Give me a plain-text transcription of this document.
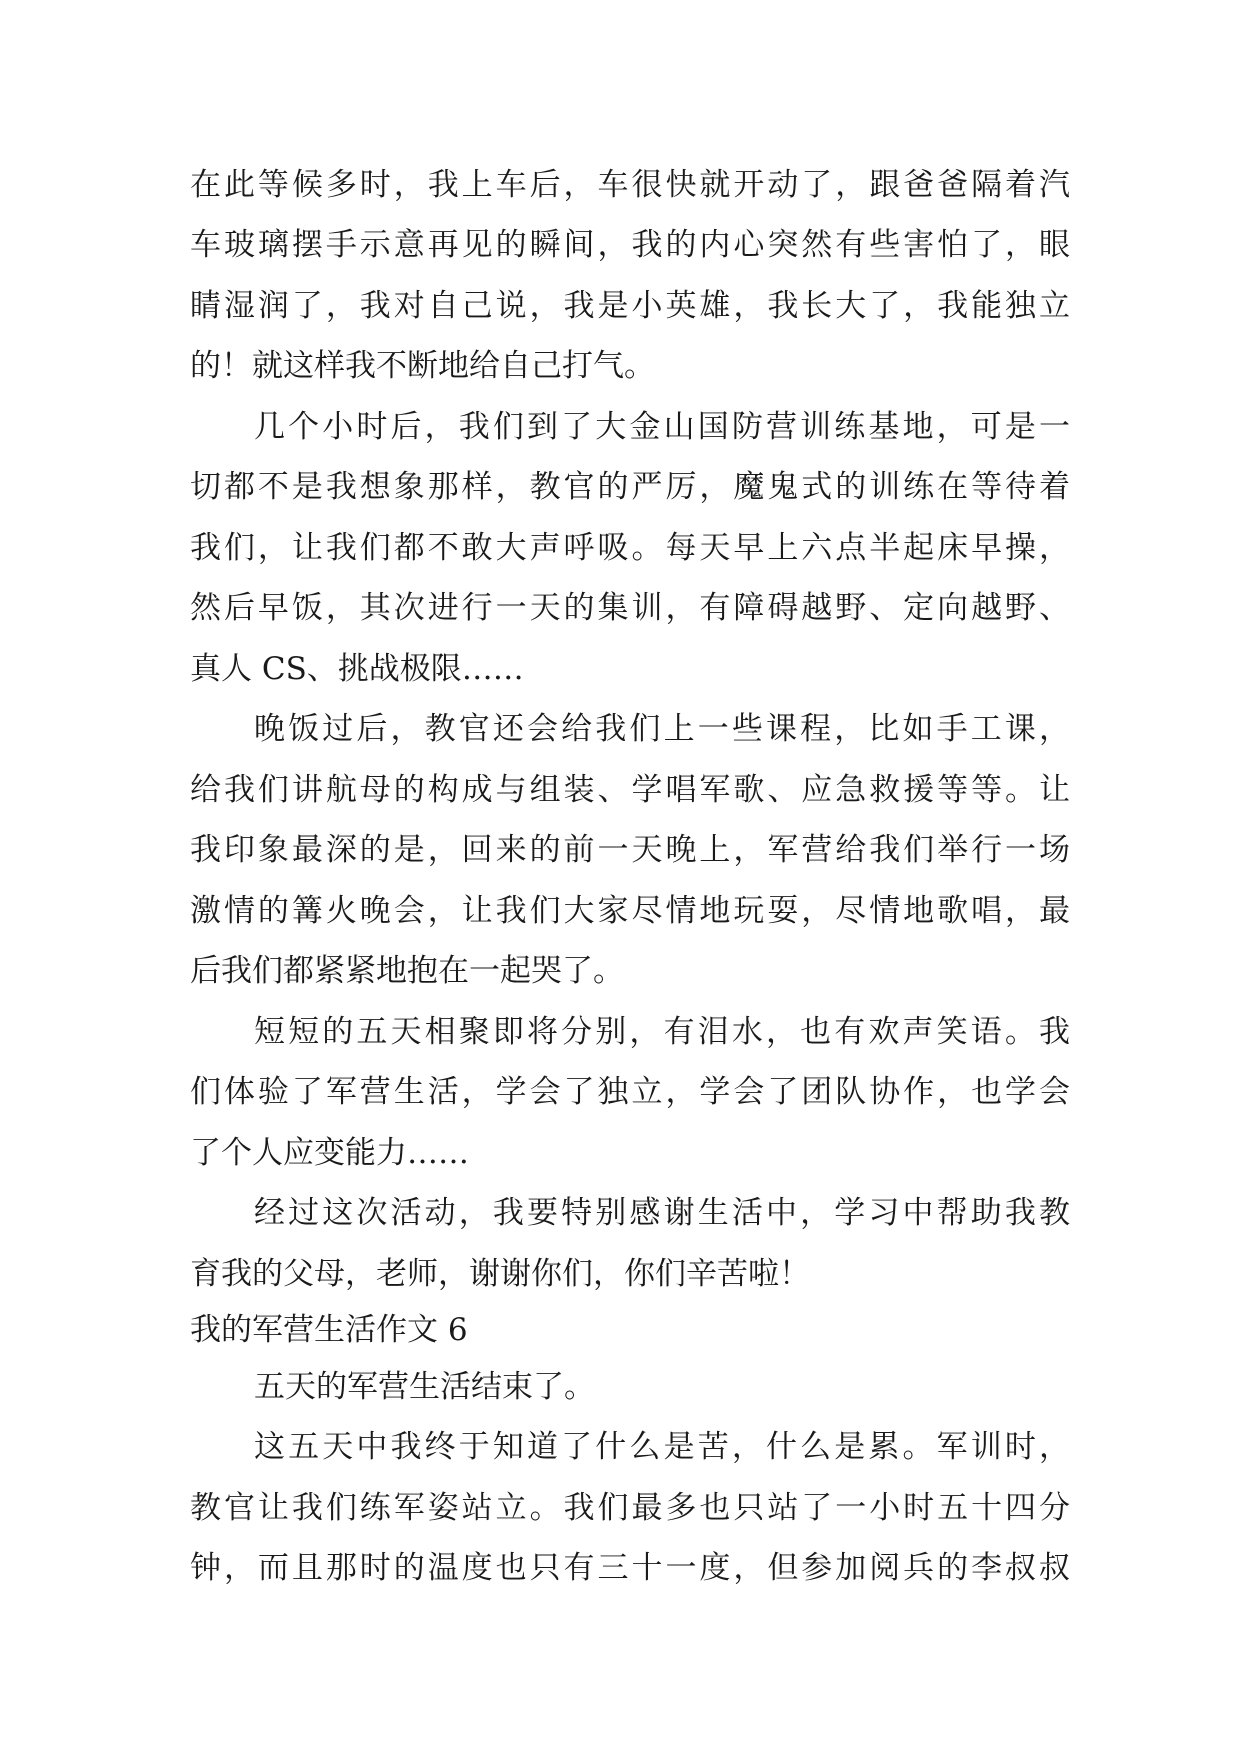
在此等候多时，我上车后，车很快就开动了，跟爸爸隔着汽
车玻璃摆手示意再见的瞬间，我的内心突然有些害怕了，眼
睛湿润了，我对自己说，我是小英雄，我长大了，我能独立
的！就这样我不断地给自己打气。
几个小时后，我们到了大金山国防营训练基地，可是一
切都不是我想象那样，教官的严厉，魔鬼式的训练在等待着
我们，让我们都不敢大声呼吸。每天早上六点半起床早操，
然后早饭，其次进行一天的集训，有障碍越野、定向越野、
真人 CS、挑战极限……
晚饭过后，教官还会给我们上一些课程，比如手工课，
给我们讲航母的构成与组装、学唱军歌、应急救援等等。让
我印象最深的是，回来的前一天晚上，军营给我们举行一场
激情的篝火晚会，让我们大家尽情地玩耍，尽情地歌唱，最
后我们都紧紧地抱在一起哭了。
短短的五天相聚即将分别，有泪水，也有欢声笑语。我
们体验了军营生活，学会了独立，学会了团队协作，也学会
了个人应变能力……
经过这次活动，我要特别感谢生活中，学习中帮助我教
育我的父母，老师，谢谢你们，你们辛苦啦！
我的军营生活作文 6
五天的军营生活结束了。
这五天中我终于知道了什么是苦，什么是累。军训时，
教官让我们练军姿站立。我们最多也只站了一小时五十四分
钟，而且那时的温度也只有三十一度，但参加阅兵的李叔叔
